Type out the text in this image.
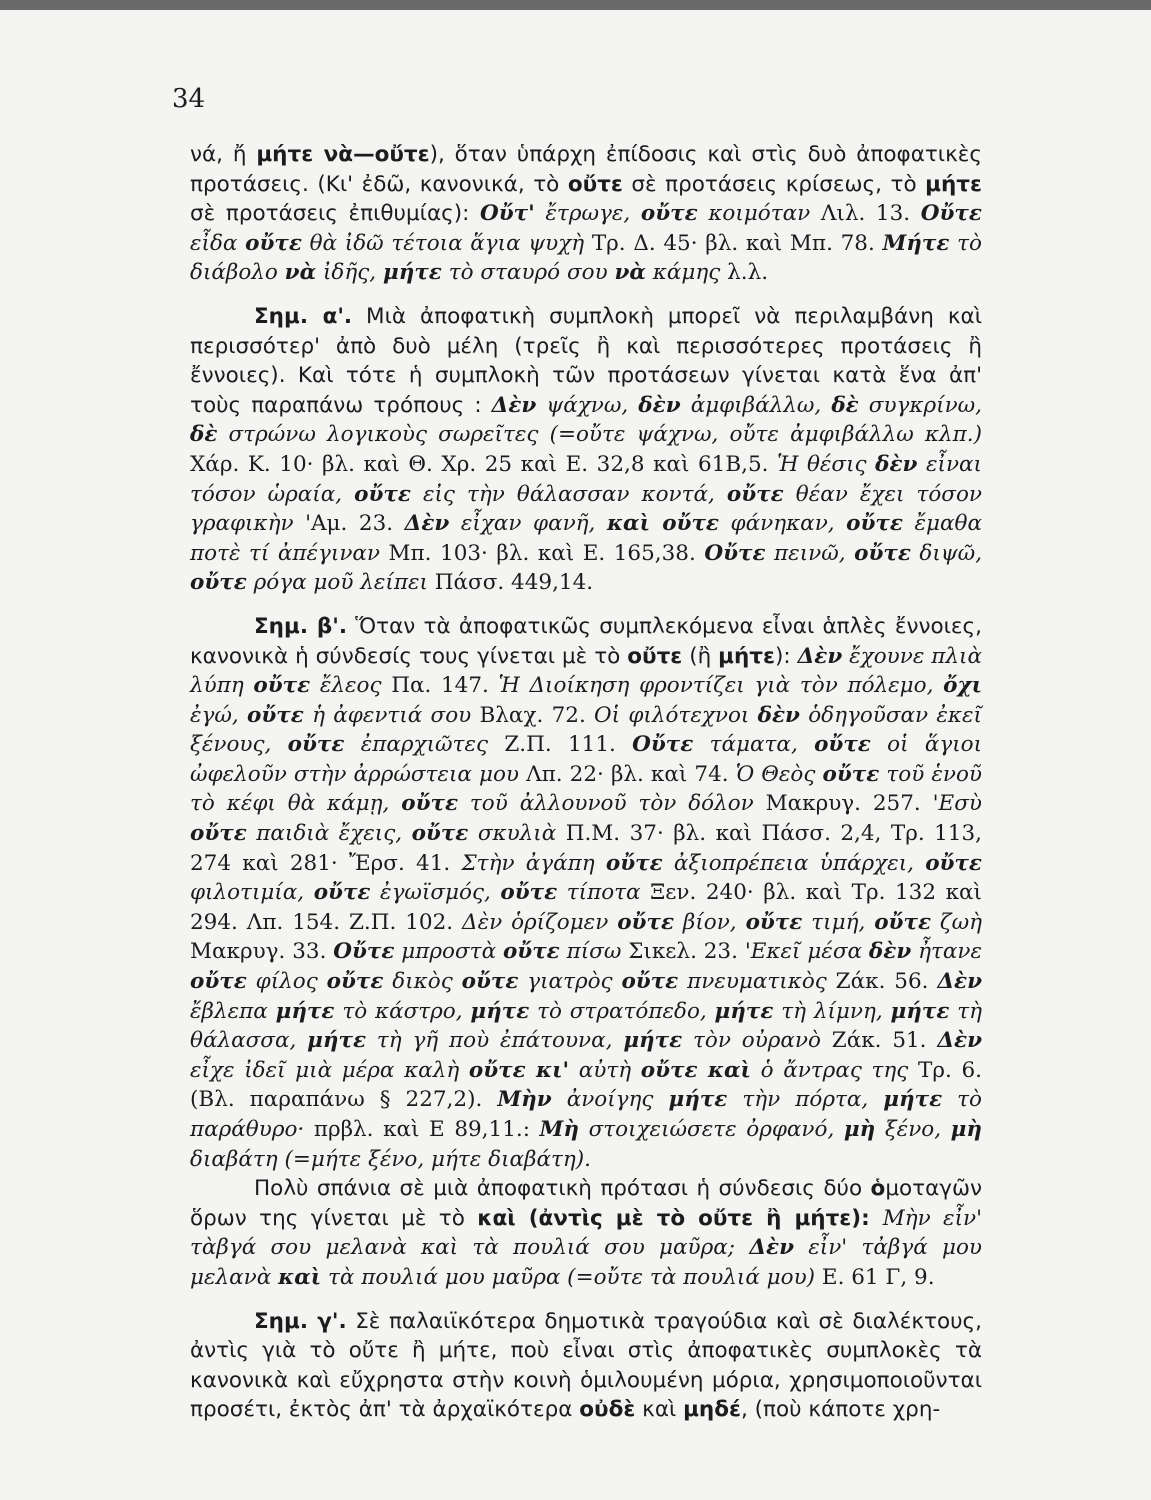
34

νά, ἤ μήτε νὰ—οὔτε), ὅταν ὑπάρχη ἐπίδοσις καὶ στὶς δυὸ ἀποφατικὲς προτάσεις. (Κι' ἐδῶ, κανονικά, τὸ οὔτε σὲ προτάσεις κρίσεως, τὸ μήτε σὲ προτάσεις ἐπιθυμίας): Οὔτ' ἔτρωγε, οὔτε κοιμόταν Λιλ. 13. Οὔτε εἶδα οὔτε θὰ ἰδῶ τέτοια ἅγια ψυχὴ Τρ. Δ. 45· βλ. καὶ Μπ. 78. Μήτε τὸ διάβολο νὰ ἰδῆς, μήτε τὸ σταυρό σου νὰ κάμης λ.λ.

Σημ. α'. Μιὰ ἀποφατικὴ συμπλοκὴ μπορεῖ νὰ περιλαμβάνη καὶ περισσότερ' ἀπὸ δυὸ μέλη (τρεῖς ἢ καὶ περισσότερες προτάσεις ἢ ἔννοιες). Καὶ τότε ἡ συμπλοκὴ τῶν προτάσεων γίνεται κατὰ ἕνα ἀπ' τοὺς παραπάνω τρόπους : Δὲν ψάχνω, δὲν ἀμφιβάλλω, δὲ συγκρίνω, δὲ στρώνω λογικοὺς σωρεῖτες (=οὔτε ψάχνω, οὔτε ἀμφιβάλλω κλπ.) Χάρ. Κ. 10· βλ. καὶ Θ. Χρ. 25 καὶ Ε. 32,8 καὶ 61Β,5. Ἡ θέσις δὲν εἶναι τόσον ὡραία, οὔτε εἰς τὴν θάλασσαν κοντά, οὔτε θέαν ἔχει τόσον γραφικὴν 'Αμ. 23. Δὲν εἶχαν φανῆ, καὶ οὔτε φάνηκαν, οὔτε ἔμαθα ποτὲ τί ἀπέγιναν Μπ. 103· βλ. καὶ Ε. 165,38. Οὔτε πεινῶ, οὔτε διψῶ, οὔτε ρόγα μοῦ λείπει Πάσσ. 449,14.

Σημ. β'. Ὅταν τὰ ἀποφατικῶς συμπλεκόμενα εἶναι ἁπλὲς ἔννοιες, κανονικὰ ἡ σύνδεσίς τους γίνεται μὲ τὸ οὔτε (ἢ μήτε): Δὲν ἔχουνε πλιὰ λύπη οὔτε ἔλεος Πα. 147. Ἡ Διοίκηση φροντίζει γιὰ τὸν πόλεμο, ὄχι ἐγώ, οὔτε ἡ ἀφεντιά σου Βλαχ. 72. Οἱ φιλότεχνοι δὲν ὁδηγοῦσαν ἐκεῖ ξένους, οὔτε ἐπαρχιῶτες Ζ.Π. 111. Οὔτε τάματα, οὔτε οἱ ἅγιοι ὠφελοῦν στὴν ἀρρώστεια μου Λπ. 22· βλ. καὶ 74. Ὁ Θεὸς οὔτε τοῦ ἑνοῦ τὸ κέφι θὰ κάμῃ, οὔτε τοῦ ἀλλουνοῦ τὸν δόλον Μακρυγ. 257. 'Εσὺ οὔτε παιδιὰ ἔχεις, οὔτε σκυλιὰ Π.Μ. 37· βλ. καὶ Πάσσ. 2,4, Τρ. 113, 274 καὶ 281· Ἔρσ. 41. Στὴν ἀγάπη οὔτε ἀξιοπρέπεια ὑπάρχει, οὔτε φιλοτιμία, οὔτε ἐγωϊσμός, οὔτε τίποτα Ξεν. 240· βλ. καὶ Τρ. 132 καὶ 294. Λπ. 154. Ζ.Π. 102. Δὲν ὁρίζομεν οὔτε βίον, οὔτε τιμή, οὔτε ζωὴ Μακρυγ. 33. Οὔτε μπροστὰ οὔτε πίσω Σικελ. 23. 'Εκεῖ μέσα δὲν ἦτανε οὔτε φίλος οὔτε δικὸς οὔτε γιατρὸς οὔτε πνευματικὸς Ζάκ. 56. Δὲν ἔβλεπα μήτε τὸ κάστρο, μήτε τὸ στρατόπεδο, μήτε τὴ λίμνη, μήτε τὴ θάλασσα, μήτε τὴ γῆ ποὺ ἐπάτουνα, μήτε τὸν οὐρανὸ Ζάκ. 51. Δὲν εἶχε ἰδεῖ μιὰ μέρα καλὴ οὔτε κι' αὐτὴ οὔτε καὶ ὁ ἄντρας της Τρ. 6. (Βλ. παραπάνω § 227,2). Μὴν ἀνοίγης μήτε τὴν πόρτα, μήτε τὸ παράθυρο· πρβλ. καὶ Ε 89,11.: Μὴ στοιχειώσετε ὀρφανό, μὴ ξένο, μὴ διαβάτη (=μήτε ξένο, μήτε διαβάτη).

Πολὺ σπάνια σὲ μιὰ ἀποφατικὴ πρότασι ἡ σύνδεσις δύο ὁμοταγῶν ὅρων της γίνεται μὲ τὸ καὶ (ἀντὶς μὲ τὸ οὔτε ἢ μήτε): Μὴν εἶν' τὰβγά σου μελανὰ καὶ τὰ πουλιά σου μαῦρα; Δὲν εἶν' τἀβγά μου μελανὰ καὶ τὰ πουλιά μου μαῦρα (=οὔτε τὰ πουλιά μου) Ε. 61 Γ, 9.

Σημ. γ'. Σὲ παλαιϊκότερα δημοτικὰ τραγούδια καὶ σὲ διαλέκτους, ἀντὶς γιὰ τὸ οὔτε ἢ μήτε, ποὺ εἶναι στὶς ἀποφατικὲς συμπλοκὲς τὰ κανονικὰ καὶ εὔχρηστα στὴν κοινὴ ὁμιλουμένη μόρια, χρησιμοποιοῦνται προσέτι, ἐκτὸς ἀπ' τὰ ἀρχαϊκότερα οὐδὲ καὶ μηδέ, (ποὺ κάποτε χρη-
